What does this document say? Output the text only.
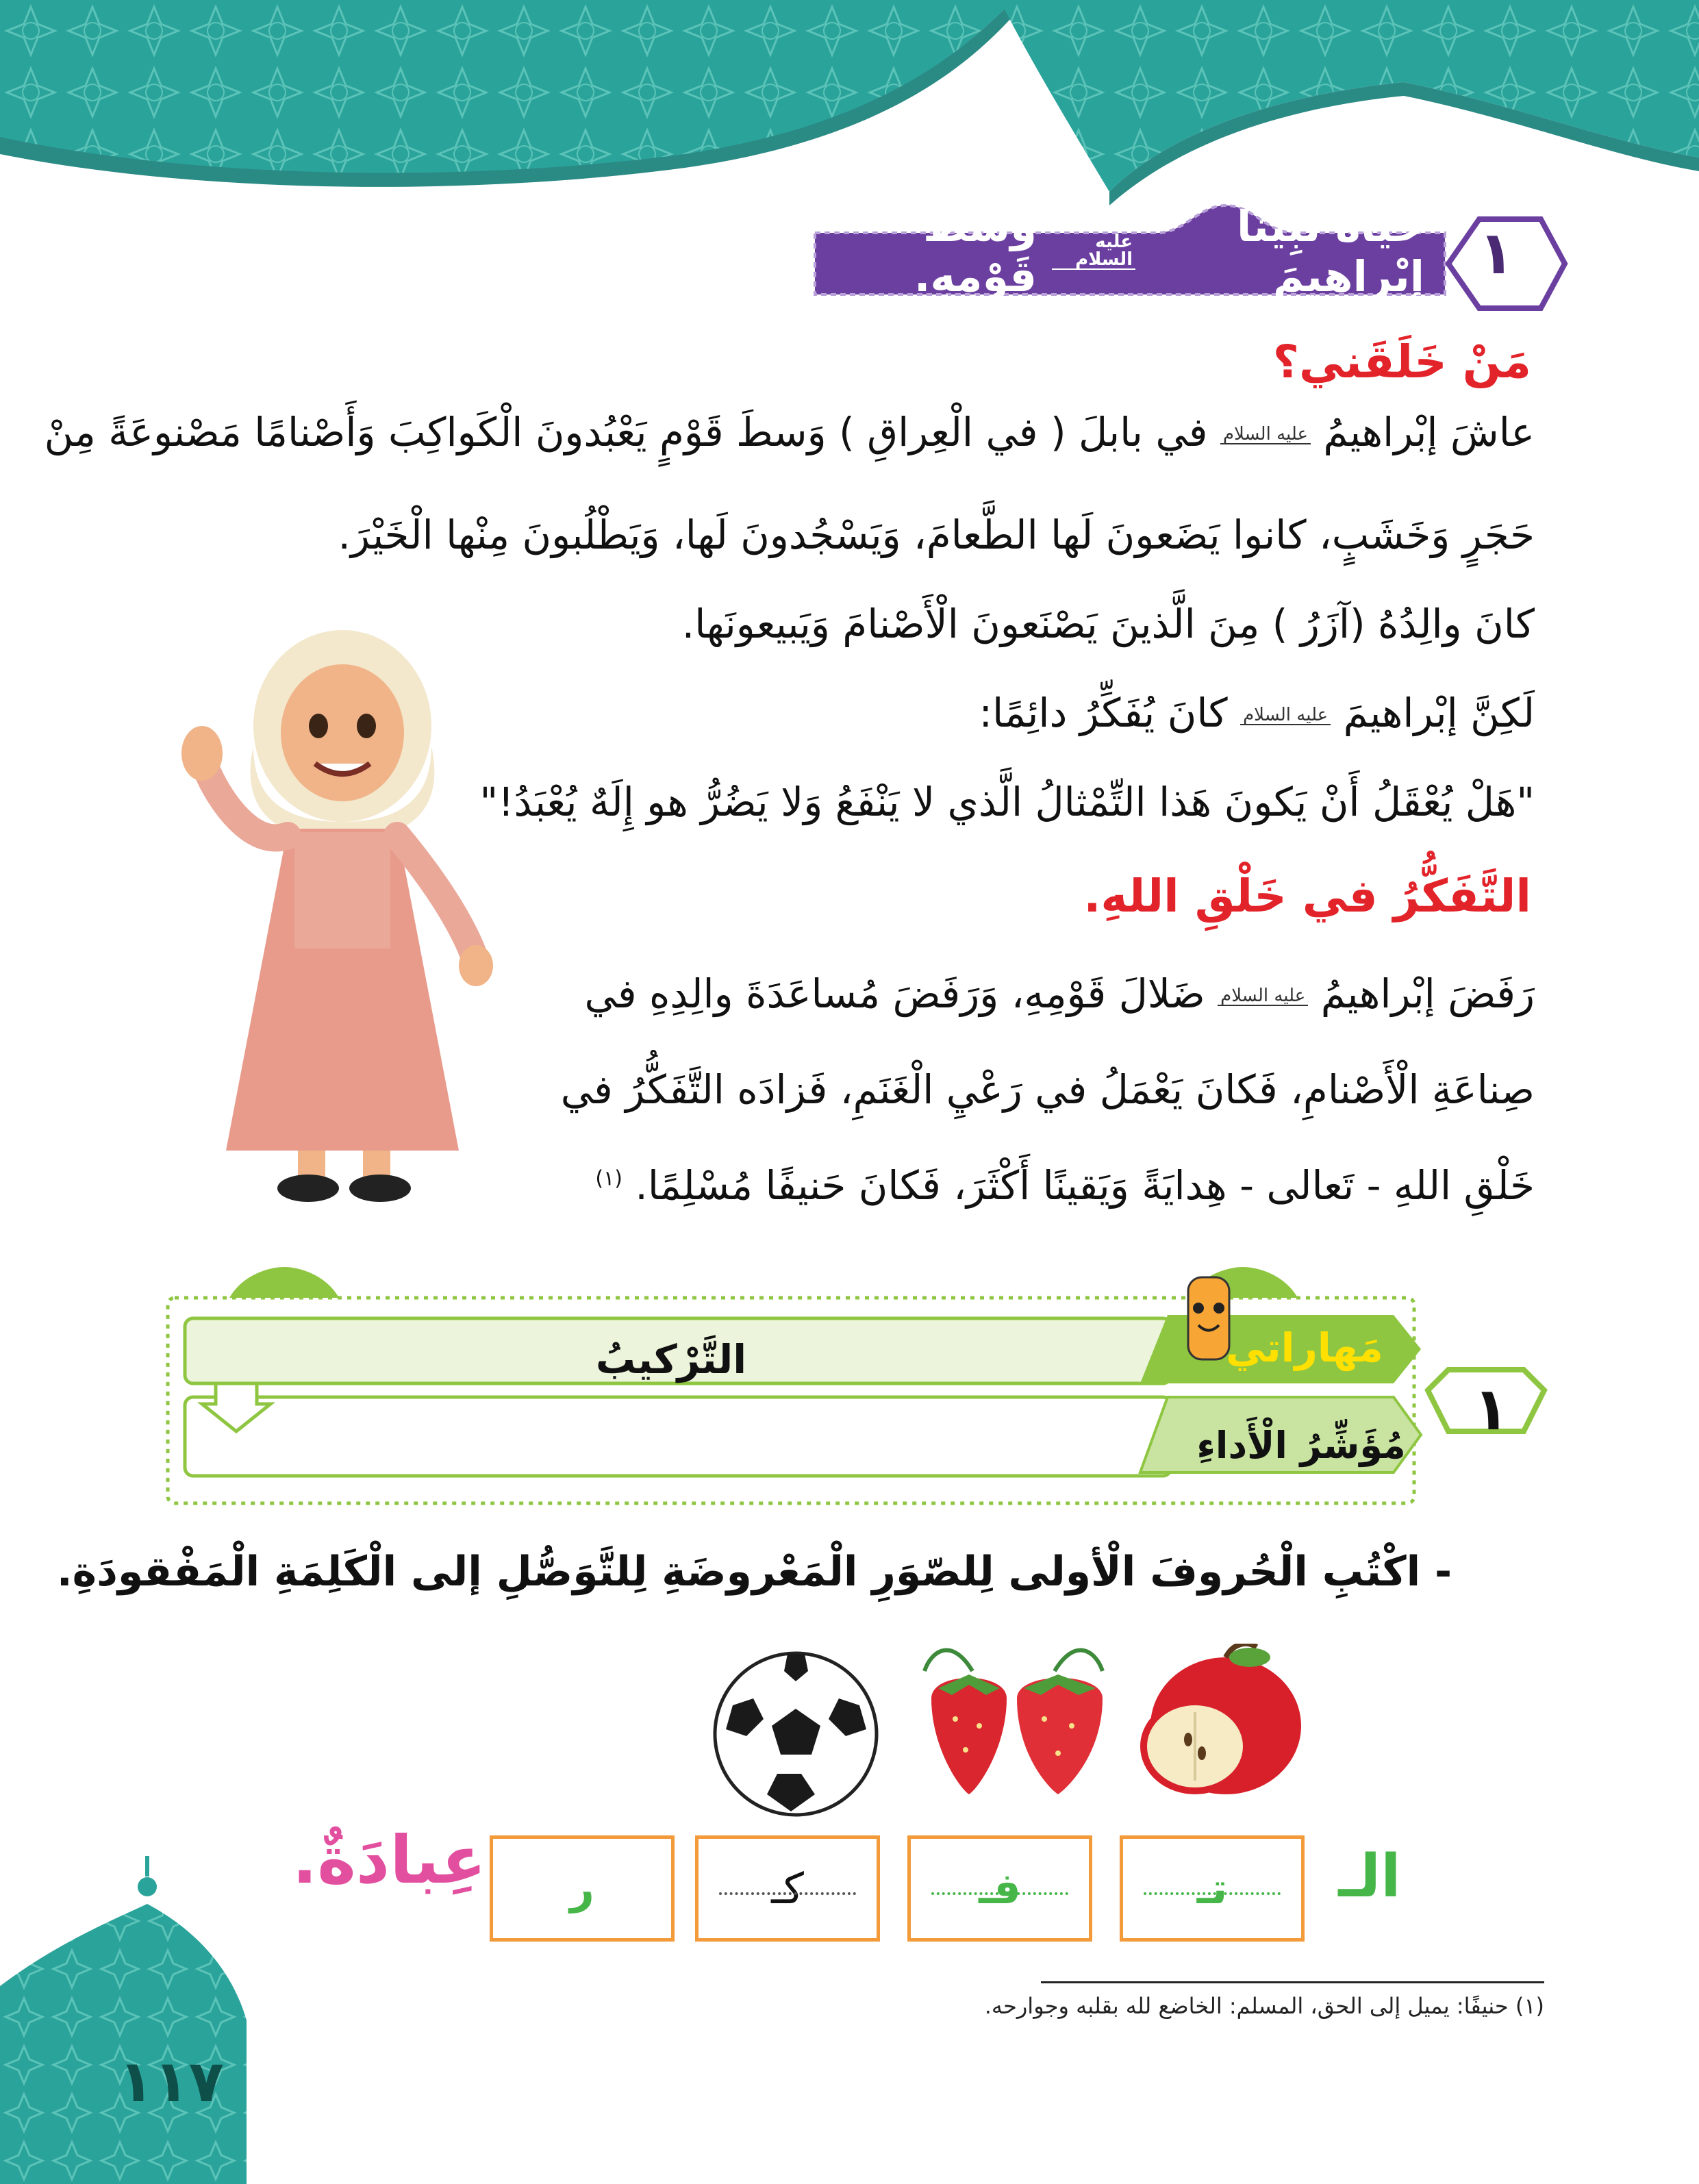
١
حياةُ نَبِيِّنا إبْراهيمَ

عليه السلام

وَسَطَ قَوْمِهِ.
مَنْ خَلَقَني؟
عاشَ إبْراهيمُ عليه السلام في بابلَ ( في الْعِراقِ ) وَسطَ قَوْمٍ يَعْبُدونَ الْكَواكِبَ وَأَصْنامًا مَصْنوعَةً مِنْ
حَجَرٍ وَخَشَبٍ، كانوا يَضَعونَ لَها الطَّعامَ، وَيَسْجُدونَ لَها، وَيَطْلُبونَ مِنْها الْخَيْرَ.
كانَ والِدُهُ (آزَرُ ) مِنَ الَّذينَ يَصْنَعونَ الْأَصْنامَ وَيَبيعونَها.
لَكِنَّ إبْراهيمَ عليه السلام كانَ يُفَكِّرُ دائِمًا:
"هَلْ يُعْقَلُ أَنْ يَكونَ هَذا التِّمْثالُ الَّذي لا يَنْفَعُ وَلا يَضُرُّ هو إِلَهٌ يُعْبَدُ!"
التَّفَكُّرُ في خَلْقِ اللهِ.
رَفَضَ إبْراهيمُ عليه السلام ضَلالَ قَوْمِهِ، وَرَفَضَ مُساعَدَةَ والِدِهِ في
صِناعَةِ الْأَصْنامِ، فَكانَ يَعْمَلُ في رَعْيِ الْغَنَمِ، فَزادَه التَّفَكُّرُ في
خَلْقِ اللهِ - تَعالى - هِدايَةً وَيَقينًا أَكْثَرَ، فَكانَ حَنيفًا مُسْلِمًا. $^{(١)}$
١
مَهاراتي
التَّرْكيبُ
مُؤَشِّرُ الْأَداءِ
- اكْتُبِ الْحُروفَ الْأولى لِلصّوَرِ الْمَعْروضَةِ لِلتَّوَصُّلِ إلى الْكَلِمَةِ الْمَفْقودَةِ.
الـ
تـ
فـ
كـ
ر
عِبادَةٌ.
(١) حنيفًا: يميل إلى الحق، المسلم: الخاضع لله بقلبه وجوارحه.
١١٧
